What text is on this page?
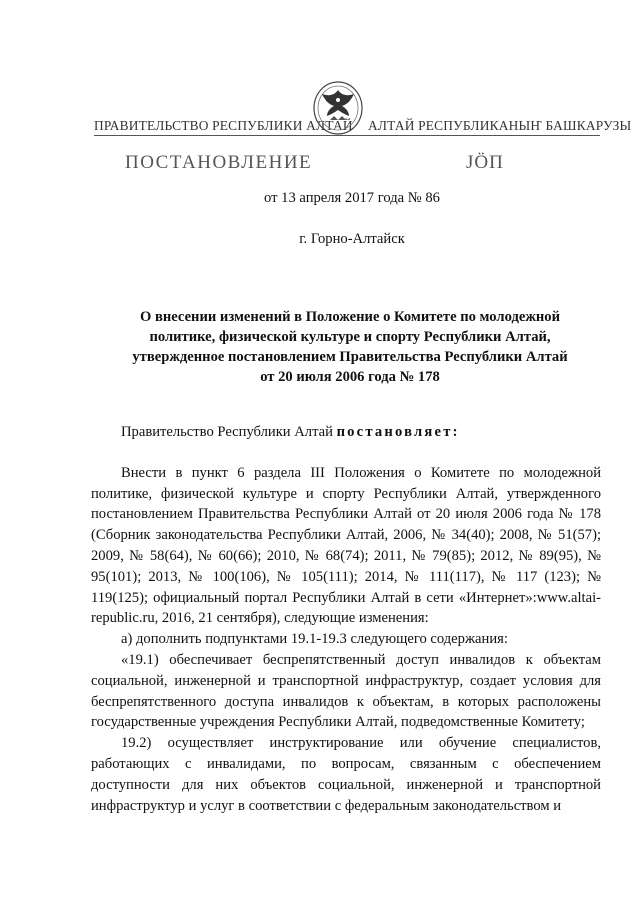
ПРАВИТЕЛЬСТВО РЕСПУБЛИКИ АЛТАЙ АЛТАЙ РЕСПУБЛИКАНЫҤ БАШКАРУЗЫ
ПОСТАНОВЛЕНИЕ	JӦП
от 13 апреля 2017 года № 86
г. Горно-Алтайск
О внесении изменений в Положение о Комитете по молодежной
политике, физической культуре и спорту Республики Алтай,
утвержденное постановлением Правительства Республики Алтай
от 20 июля 2006 года № 178

Правительство Республики Алтай постановляет:

Внести в пункт 6 раздела III Положения о Комитете по молодежной политике, физической культуре и спорту Республики Алтай, утвержденного постановлением Правительства Республики Алтай от 20 июля 2006 года № 178 (Сборник законодательства Республики Алтай, 2006, № 34(40); 2008, № 51(57); 2009, № 58(64), № 60(66); 2010, № 68(74); 2011, № 79(85); 2012, № 89(95), № 95(101); 2013, № 100(106), № 105(111); 2014, № 111(117), № 117 (123); № 119(125); официальный портал Республики Алтай в сети «Интернет»:www.altai-republic.ru, 2016, 21 сентября), следующие изменения:

а) дополнить подпунктами 19.1-19.3 следующего содержания:

«19.1) обеспечивает беспрепятственный доступ инвалидов к объектам социальной, инженерной и транспортной инфраструктур, создает условия для беспрепятственного доступа инвалидов к объектам, в которых расположены государственные учреждения Республики Алтай, подведомственные Комитету;

19.2) осуществляет инструктирование или обучение специалистов, работающих с инвалидами, по вопросам, связанным с обеспечением доступности для них объектов социальной, инженерной и транспортной инфраструктур и услуг в соответствии с федеральным законодательством и
